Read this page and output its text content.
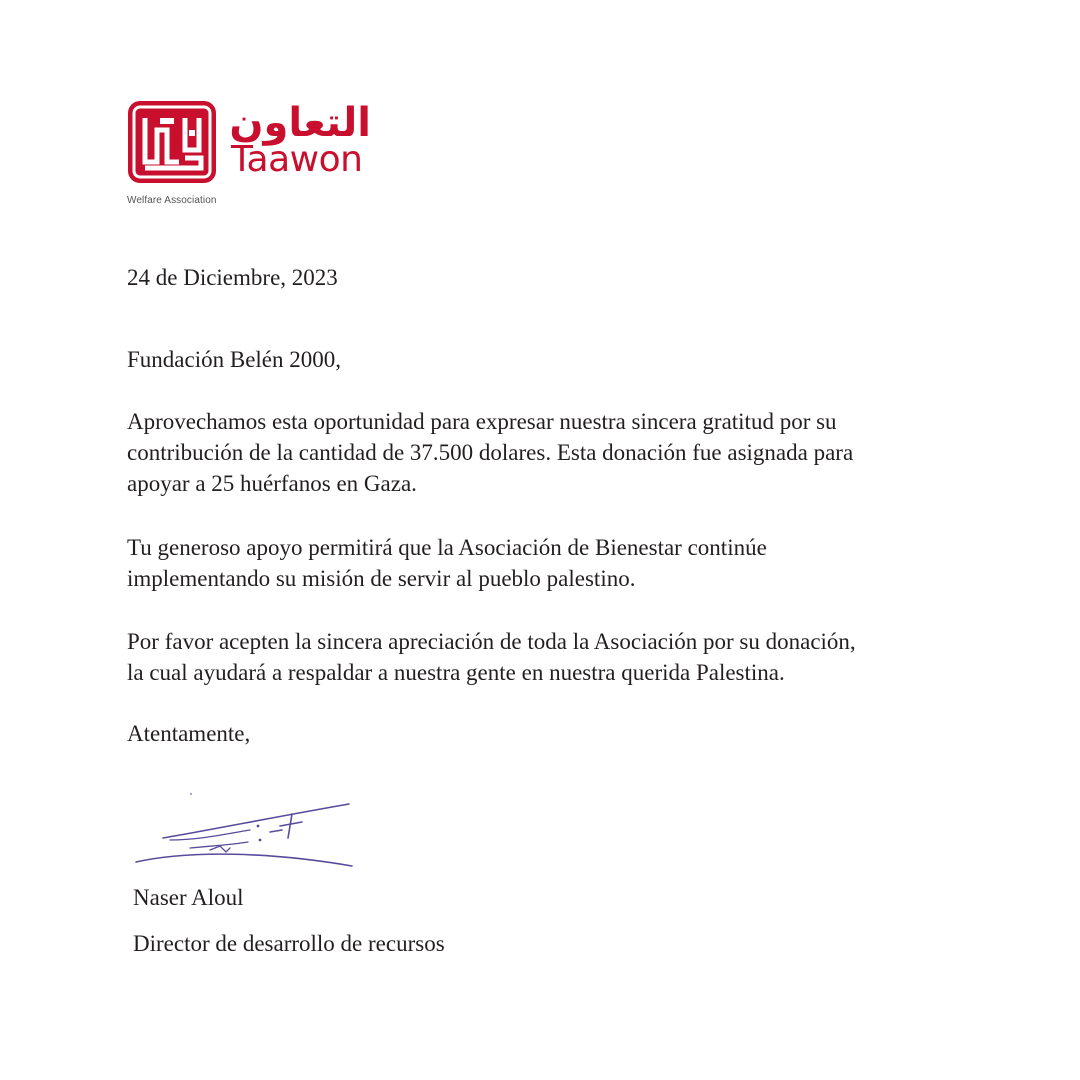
التعاون
Taawon
Welfare Association
24 de Diciembre, 2023
Fundación Belén 2000,
Aprovechamos esta oportunidad para expresar nuestra sincera gratitud por su
contribución de la cantidad de 37.500 dolares. Esta donación fue asignada para
apoyar a 25 huérfanos en Gaza.
Tu generoso apoyo permitirá que la Asociación de Bienestar continúe
implementando su misión de servir al pueblo palestino.
Por favor acepten la sincera apreciación de toda la Asociación por su donación,
la cual ayudará a respaldar a nuestra gente en nuestra querida Palestina.
Atentamente,
Naser Aloul
Director de desarrollo de recursos
